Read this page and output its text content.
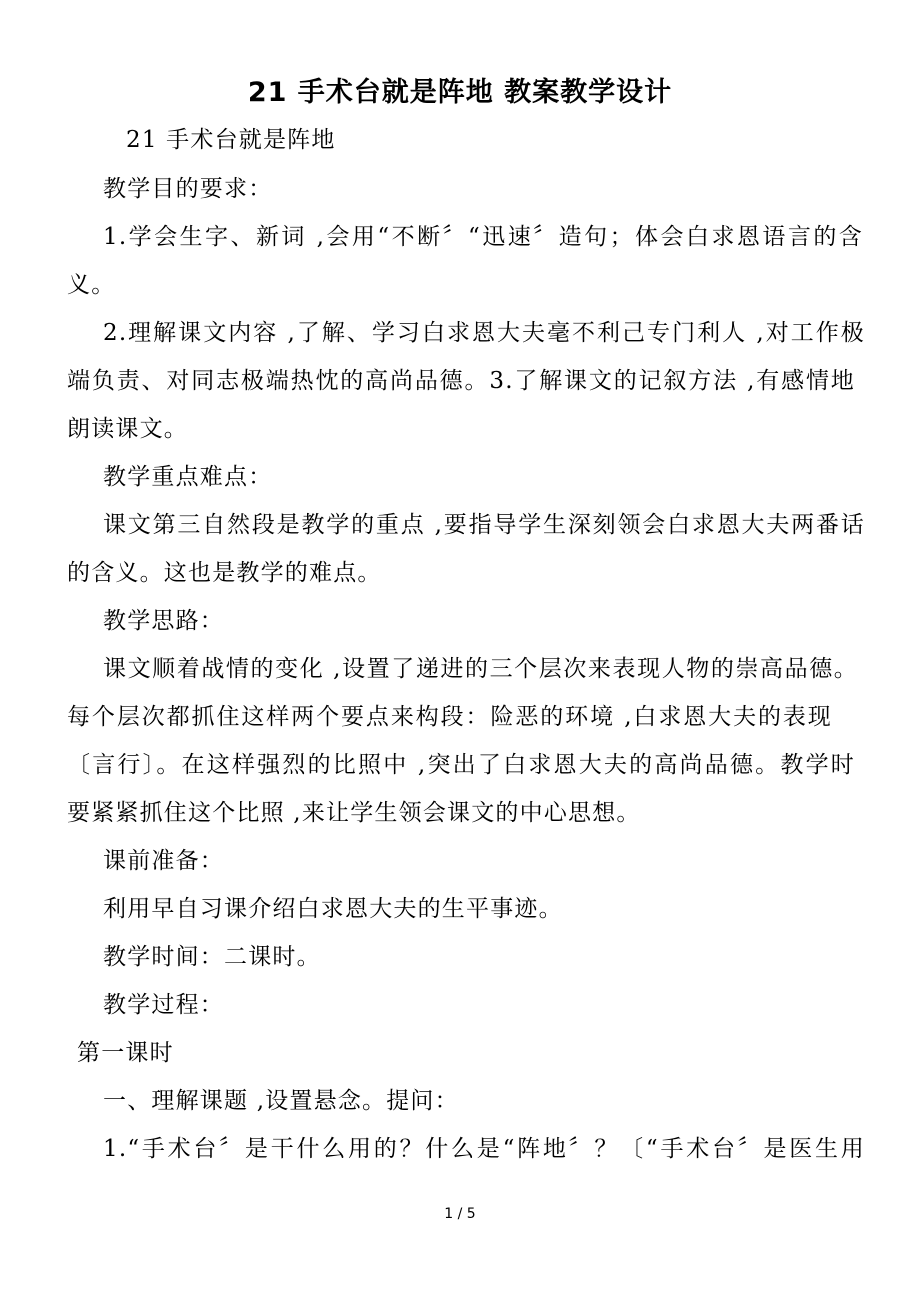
21 手术台就是阵地 教案教学设计

21 手术台就是阵地

教学目的要求：

1.学会生字、新词 ,会用“不断〞“迅速〞造句；体会白求恩语言的含

义。

2.理解课文内容 ,了解、学习白求恩大夫毫不利己专门利人 ,对工作极

端负责、对同志极端热忱的高尚品德。3.了解课文的记叙方法 ,有感情地

朗读课文。

教学重点难点：

课文第三自然段是教学的重点 ,要指导学生深刻领会白求恩大夫两番话

的含义。这也是教学的难点。

教学思路：

课文顺着战情的变化 ,设置了递进的三个层次来表现人物的崇高品德。

每个层次都抓住这样两个要点来构段：险恶的环境 ,白求恩大夫的表现

〔言行〕。在这样强烈的比照中 ,突出了白求恩大夫的高尚品德。教学时

要紧紧抓住这个比照 ,来让学生领会课文的中心思想。

课前准备：

利用早自习课介绍白求恩大夫的生平事迹。

教学时间：二课时。

教学过程：

第一课时

一、理解课题 ,设置悬念。提问：

1.“手术台〞是干什么用的？什么是“阵地〞？〔“手术台〞是医生用

1 / 5
